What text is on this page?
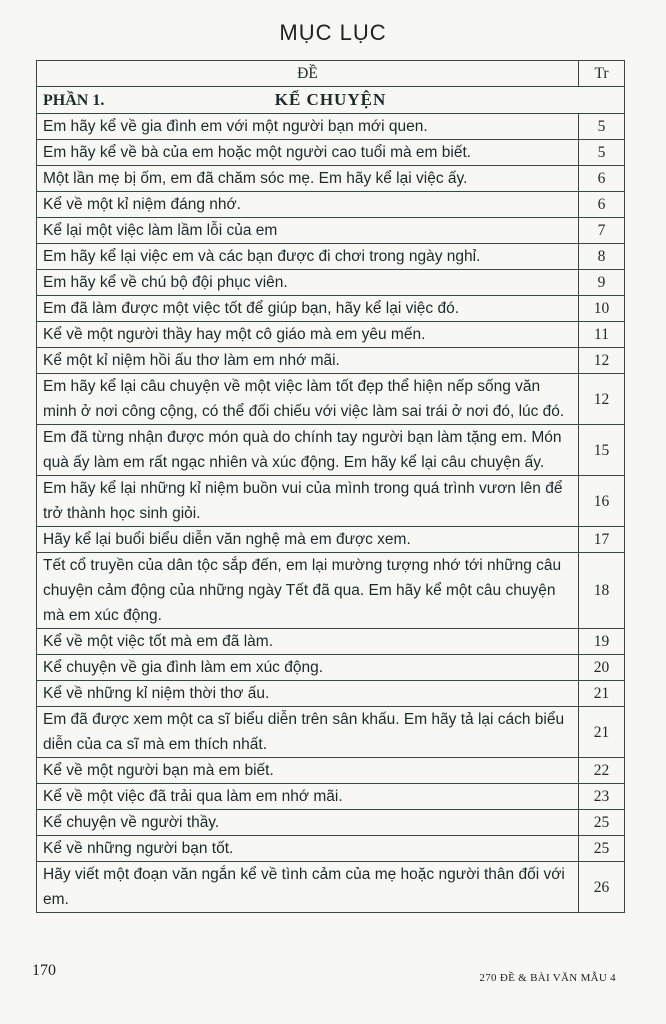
MỤC LỤC
ĐỀ	Tr
PHẦN 1. KỂ CHUYỆN	

Em hãy kể về gia đình em với một người bạn mới quen.	5
Em hãy kể về bà của em hoặc một người cao tuổi mà em biết.	5
Một lần mẹ bị ốm, em đã chăm sóc mẹ. Em hãy kể lại việc ấy.	6
Kể về một kỉ niệm đáng nhớ.	6
Kể lại một việc làm lầm lỗi của em	7
Em hãy kể lại việc em và các bạn được đi chơi trong ngày nghỉ.	8
Em hãy kể về chú bộ đội phục viên.	9
Em đã làm được một việc tốt để giúp bạn, hãy kể lại việc đó.	10
Kể về một người thầy hay một cô giáo mà em yêu mến.	11
Kể một kỉ niệm hồi ấu thơ làm em nhớ mãi.	12
Em hãy kể lại câu chuyện về một việc làm tốt đẹp thể hiện nếp sống văn minh ở nơi công cộng, có thể đối chiếu với việc làm sai trái ở nơi đó, lúc đó.	12
Em đã từng nhận được món quà do chính tay người bạn làm tặng em. Món quà ấy làm em rất ngạc nhiên và xúc động. Em hãy kể lại câu chuyện ấy.	15
Em hãy kể lại những kỉ niệm buồn vui của mình trong quá trình vươn lên để trở thành học sinh giỏi.	16
Hãy kể lại buổi biểu diễn văn nghệ mà em được xem.	17
Tết cổ truyền của dân tộc sắp đến, em lại mường tượng nhớ tới những câu chuyện cảm động của những ngày Tết đã qua. Em hãy kể một câu chuyện mà em xúc động.	18
Kể về một việc tốt mà em đã làm.	19
Kể chuyện về gia đình làm em xúc động.	20
Kể về những kỉ niệm thời thơ ấu.	21
Em đã được xem một ca sĩ biểu diễn trên sân khấu. Em hãy tả lại cách biểu diễn của ca sĩ mà em thích nhất.	21
Kể về một người bạn mà em biết.	22
Kể về một việc đã trải qua làm em nhớ mãi.	23
Kể chuyện về người thầy.	25
Kể về những người bạn tốt.	25
Hãy viết một đoạn văn ngắn kể về tình cảm của mẹ hoặc người thân đối với em.	26
170	270 ĐỀ & BÀI VĂN MẪU 4
